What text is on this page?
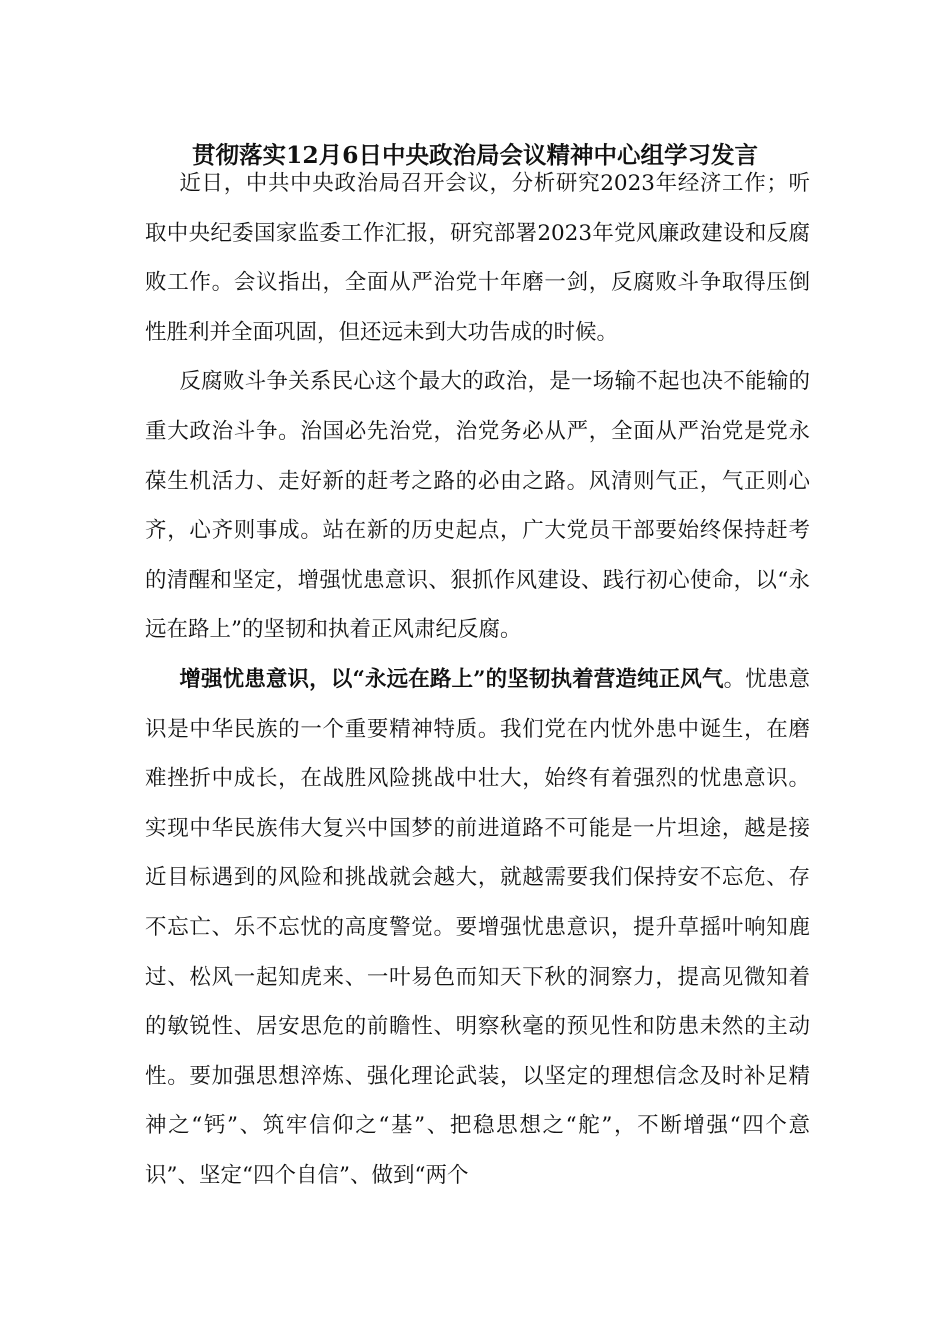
贯彻落实12月6日中央政治局会议精神中心组学习发言

近日，中共中央政治局召开会议，分析研究2023年经济工作；听取中央纪委国家监委工作汇报，研究部署2023年党风廉政建设和反腐败工作。会议指出，全面从严治党十年磨一剑，反腐败斗争取得压倒性胜利并全面巩固，但还远未到大功告成的时候。

反腐败斗争关系民心这个最大的政治，是一场输不起也决不能输的重大政治斗争。治国必先治党，治党务必从严，全面从严治党是党永葆生机活力、走好新的赶考之路的必由之路。风清则气正，气正则心齐，心齐则事成。站在新的历史起点，广大党员干部要始终保持赶考的清醒和坚定，增强忧患意识、狠抓作风建设、践行初心使命，以“永远在路上”的坚韧和执着正风肃纪反腐。

增强忧患意识，以“永远在路上”的坚韧执着营造纯正风气。忧患意识是中华民族的一个重要精神特质。我们党在内忧外患中诞生，在磨难挫折中成长，在战胜风险挑战中壮大，始终有着强烈的忧患意识。实现中华民族伟大复兴中国梦的前进道路不可能是一片坦途，越是接近目标遇到的风险和挑战就会越大，就越需要我们保持安不忘危、存不忘亡、乐不忘忧的高度警觉。要增强忧患意识，提升草摇叶响知鹿过、松风一起知虎来、一叶易色而知天下秋的洞察力，提高见微知着的敏锐性、居安思危的前瞻性、明察秋毫的预见性和防患未然的主动性。要加强思想淬炼、强化理论武装，以坚定的理想信念及时补足精神之“钙”、筑牢信仰之“基”、把稳思想之“舵”，不断增强“四个意识”、坚定“四个自信”、做到“两个
